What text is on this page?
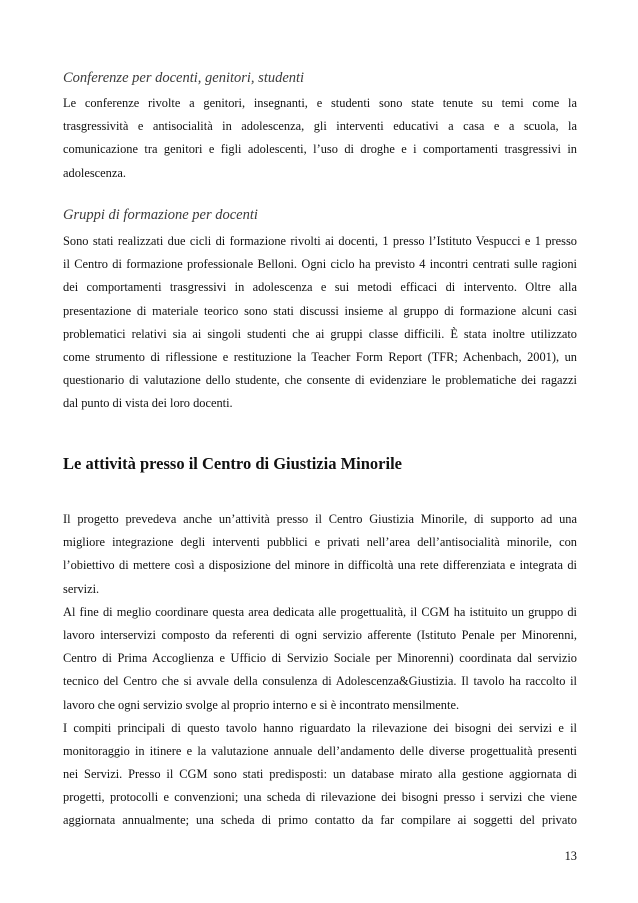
Conferenze per docenti, genitori, studenti
Le conferenze rivolte a genitori, insegnanti, e studenti sono state tenute su temi come la
trasgressività e antisocialità in adolescenza, gli interventi educativi a casa e a scuola, la
comunicazione tra genitori e figli adolescenti, l’uso di droghe e i comportamenti trasgressivi in
adolescenza.
Gruppi di formazione per docenti
Sono stati realizzati due cicli di formazione rivolti ai docenti, 1 presso l’Istituto Vespucci e 1 presso
il Centro di formazione professionale Belloni. Ogni ciclo ha previsto 4 incontri centrati sulle ragioni
dei comportamenti trasgressivi in adolescenza e sui metodi efficaci di intervento. Oltre alla
presentazione di materiale teorico sono stati discussi insieme al gruppo di formazione alcuni casi
problematici relativi sia ai singoli studenti che ai gruppi classe difficili. È stata inoltre utilizzato
come strumento di riflessione e restituzione la Teacher Form Report (TFR; Achenbach, 2001), un
questionario di valutazione dello studente, che consente di evidenziare le problematiche dei ragazzi
dal punto di vista dei loro docenti.
Le attività presso il Centro di Giustizia Minorile
Il progetto prevedeva anche un’attività presso il Centro Giustizia Minorile, di supporto ad una
migliore integrazione degli interventi pubblici e privati nell’area dell’antisocialità minorile, con
l’obiettivo di mettere così a disposizione del minore in difficoltà una rete differenziata e integrata di
servizi.
Al fine di meglio coordinare questa area dedicata alle progettualità, il CGM ha istituito un gruppo di
lavoro interservizi composto da referenti di ogni servizio afferente (Istituto Penale per Minorenni,
Centro di Prima Accoglienza e Ufficio di Servizio Sociale per Minorenni) coordinata dal servizio
tecnico del Centro che si avvale della consulenza di Adolescenza&Giustizia. Il tavolo ha raccolto il
lavoro che ogni servizio svolge al proprio interno e si è incontrato mensilmente.
I compiti principali di questo tavolo hanno riguardato la rilevazione dei bisogni dei servizi e il
monitoraggio in itinere e la valutazione annuale dell’andamento delle diverse progettualità presenti
nei Servizi. Presso il CGM sono stati predisposti: un database mirato alla gestione aggiornata di
progetti, protocolli e convenzioni; una scheda di rilevazione dei bisogni presso i servizi che viene
aggiornata annualmente; una scheda di primo contatto da far compilare ai soggetti del privato
13
